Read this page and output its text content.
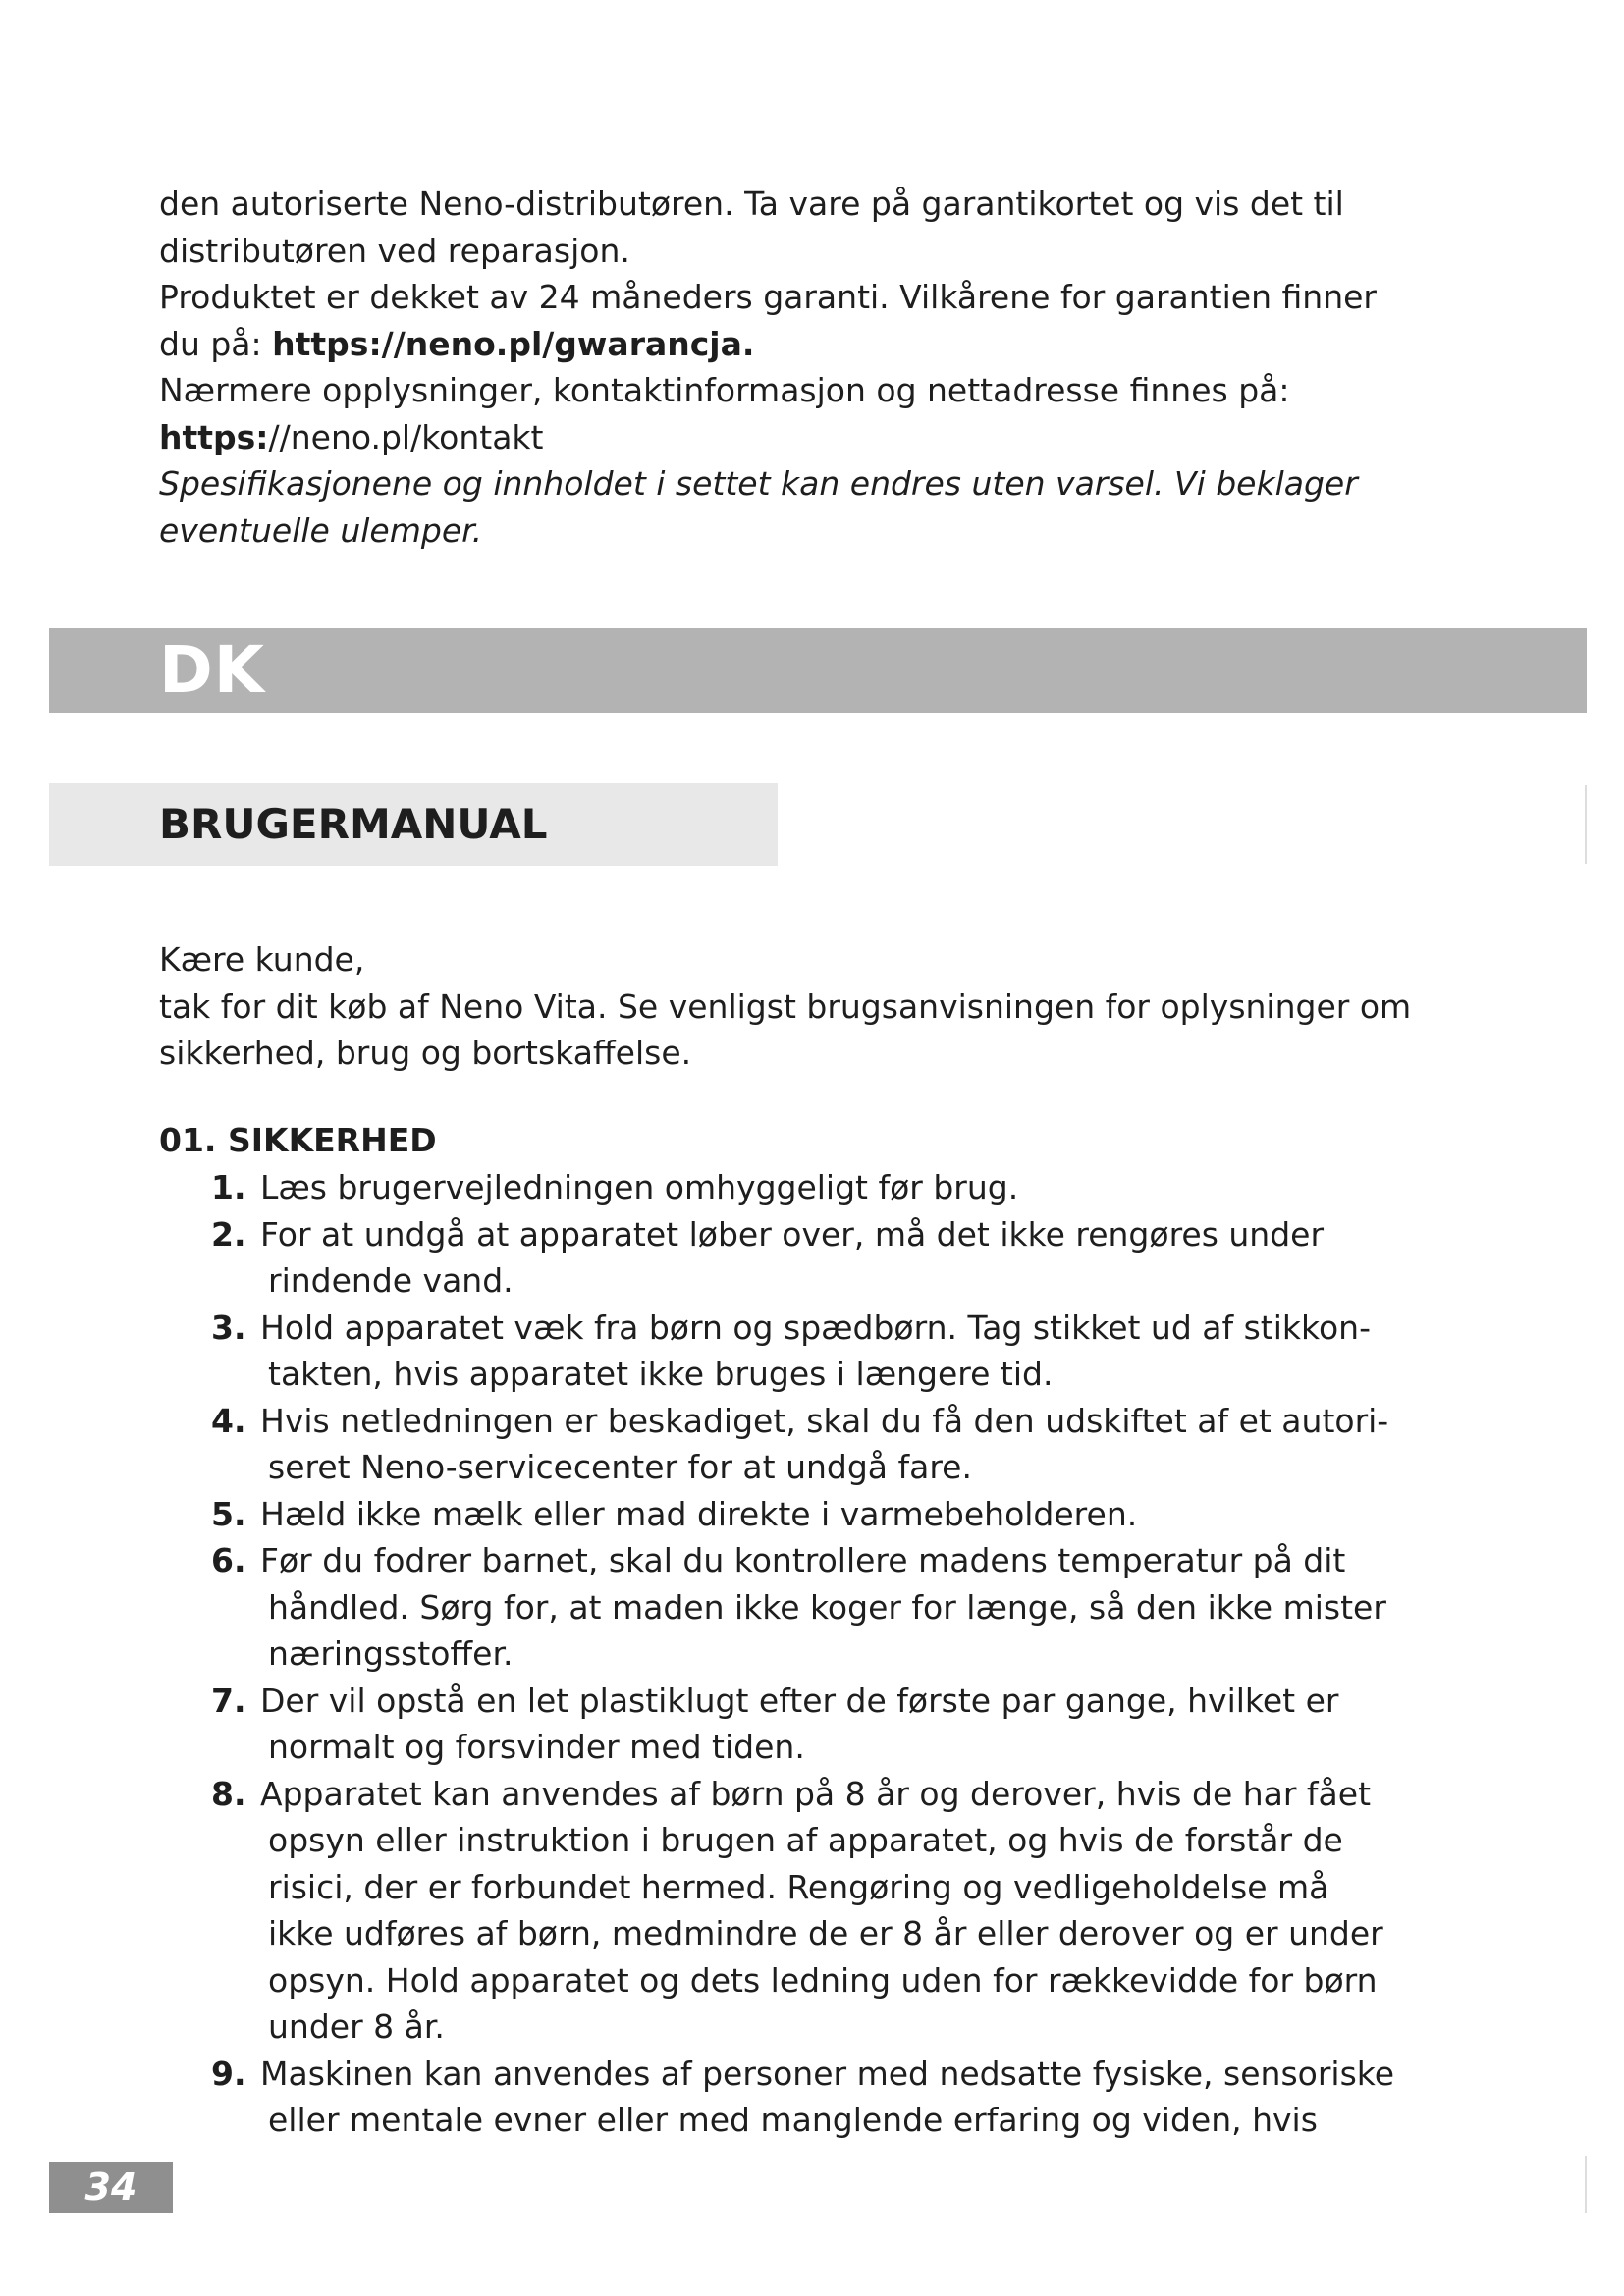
den autoriserte Neno-distributøren. Ta vare på garantikortet og vis det til

distributøren ved reparasjon.

Produktet er dekket av 24 måneders garanti. Vilkårene for garantien finner

du på: https://neno.pl/gwarancja.

Nærmere opplysninger, kontaktinformasjon og nettadresse finnes på:

https://neno.pl/kontakt

Spesifikasjonene og innholdet i settet kan endres uten varsel. Vi beklager

eventuelle ulemper.

DK
BRUGERMANUAL

Kære kunde,

tak for dit køb af Neno Vita. Se venligst brugsanvisningen for oplysninger om

sikkerhed, brug og bortskaffelse.

01. SIKKERHED
1. Læs brugervejledningen omhyggeligt før brug.
2. For at undgå at apparatet løber over, må det ikke rengøres under
rindende vand.
3. Hold apparatet væk fra børn og spædbørn. Tag stikket ud af stikkon-
takten, hvis apparatet ikke bruges i længere tid.
4. Hvis netledningen er beskadiget, skal du få den udskiftet af et autori-
seret Neno-servicecenter for at undgå fare.
5. Hæld ikke mælk eller mad direkte i varmebeholderen.
6. Før du fodrer barnet, skal du kontrollere madens temperatur på dit
håndled. Sørg for, at maden ikke koger for længe, så den ikke mister
næringsstoffer.
7. Der vil opstå en let plastiklugt efter de første par gange, hvilket er
normalt og forsvinder med tiden.
8. Apparatet kan anvendes af børn på 8 år og derover, hvis de har fået
opsyn eller instruktion i brugen af apparatet, og hvis de forstår de
risici, der er forbundet hermed. Rengøring og vedligeholdelse må
ikke udføres af børn, medmindre de er 8 år eller derover og er under
opsyn. Hold apparatet og dets ledning uden for rækkevidde for børn
under 8 år.
9. Maskinen kan anvendes af personer med nedsatte fysiske, sensoriske
eller mentale evner eller med manglende erfaring og viden, hvis
34
